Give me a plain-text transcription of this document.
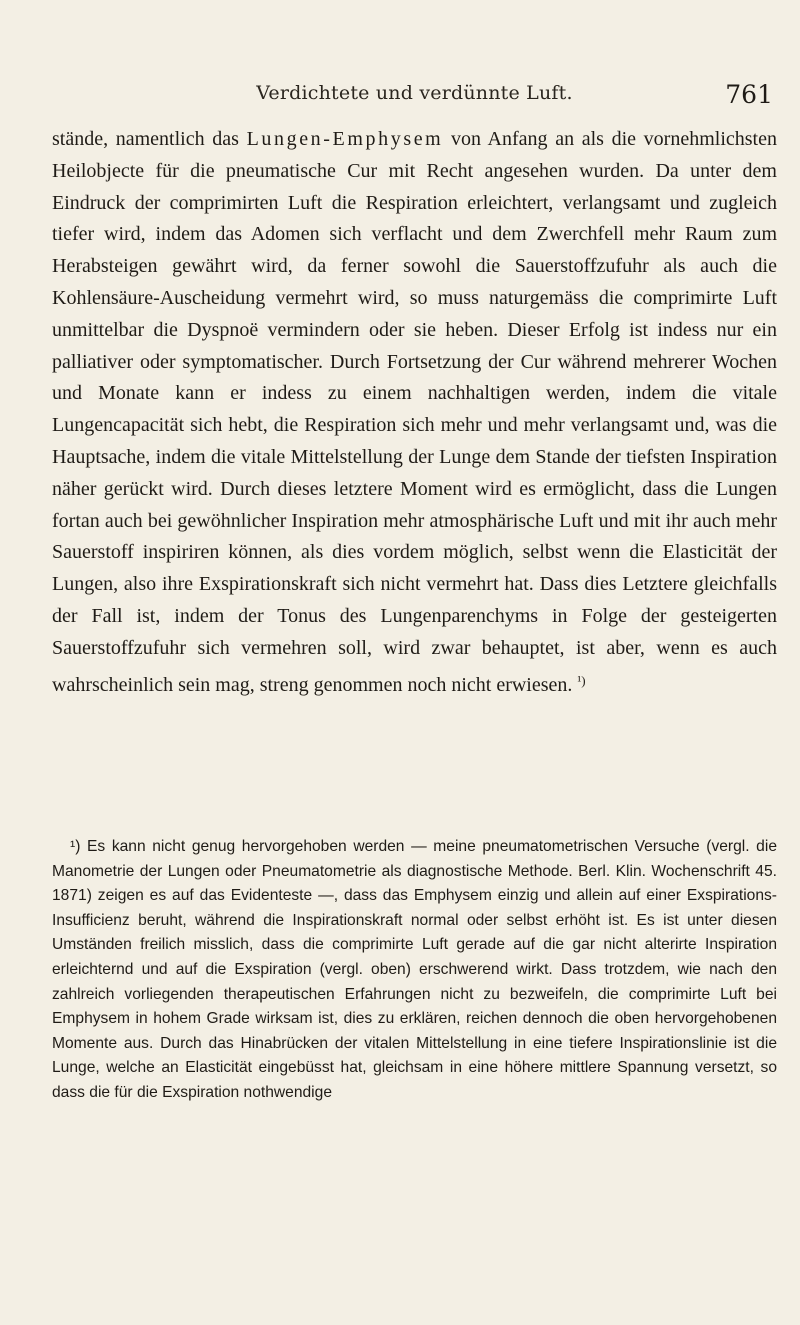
Verdichtete und verdünnte Luft.	761

stände, namentlich das Lungen-Emphysem von Anfang an als die vornehmlichsten Heilobjecte für die pneumatische Cur mit Recht angesehen wurden. Da unter dem Eindruck der comprimirten Luft die Respiration erleichtert, verlangsamt und zugleich tiefer wird, indem das Adomen sich verflacht und dem Zwerchfell mehr Raum zum Herabsteigen gewährt wird, da ferner sowohl die Sauerstoffzufuhr als auch die Kohlensäure-Auscheidung vermehrt wird, so muss naturgemäss die comprimirte Luft unmittelbar die Dyspnoë vermindern oder sie heben. Dieser Erfolg ist indess nur ein palliativer oder symptomatischer. Durch Fortsetzung der Cur während mehrerer Wochen und Monate kann er indess zu einem nachhaltigen werden, indem die vitale Lungencapacität sich hebt, die Respiration sich mehr und mehr verlangsamt und, was die Hauptsache, indem die vitale Mittelstellung der Lunge dem Stande der tiefsten Inspiration näher gerückt wird. Durch dieses letztere Moment wird es ermöglicht, dass die Lungen fortan auch bei gewöhnlicher Inspiration mehr atmosphärische Luft und mit ihr auch mehr Sauerstoff inspiriren können, als dies vordem möglich, selbst wenn die Elasticität der Lungen, also ihre Exspirationskraft sich nicht vermehrt hat. Dass dies Letztere gleichfalls der Fall ist, indem der Tonus des Lungenparenchyms in Folge der gesteigerten Sauerstoffzufuhr sich vermehren soll, wird zwar behauptet, ist aber, wenn es auch wahrscheinlich sein mag, streng genommen noch nicht erwiesen. $^{^1)}$

¹) Es kann nicht genug hervorgehoben werden — meine pneumatometrischen Versuche (vergl. die Manometrie der Lungen oder Pneumatometrie als diagnostische Methode. Berl. Klin. Wochenschrift 45. 1871) zeigen es auf das Evidenteste —, dass das Emphysem einzig und allein auf einer Exspirations-Insufficienz beruht, während die Inspirationskraft normal oder selbst erhöht ist. Es ist unter diesen Umständen freilich misslich, dass die comprimirte Luft gerade auf die gar nicht alterirte Inspiration erleichternd und auf die Exspiration (vergl. oben) erschwerend wirkt. Dass trotzdem, wie nach den zahlreich vorliegenden therapeutischen Erfahrungen nicht zu bezweifeln, die comprimirte Luft bei Emphysem in hohem Grade wirksam ist, dies zu erklären, reichen dennoch die oben hervorgehobenen Momente aus. Durch das Hinabrücken der vitalen Mittelstellung in eine tiefere Inspirationslinie ist die Lunge, welche an Elasticität eingebüsst hat, gleichsam in eine höhere mittlere Spannung versetzt, so dass die für die Exspiration nothwendige
